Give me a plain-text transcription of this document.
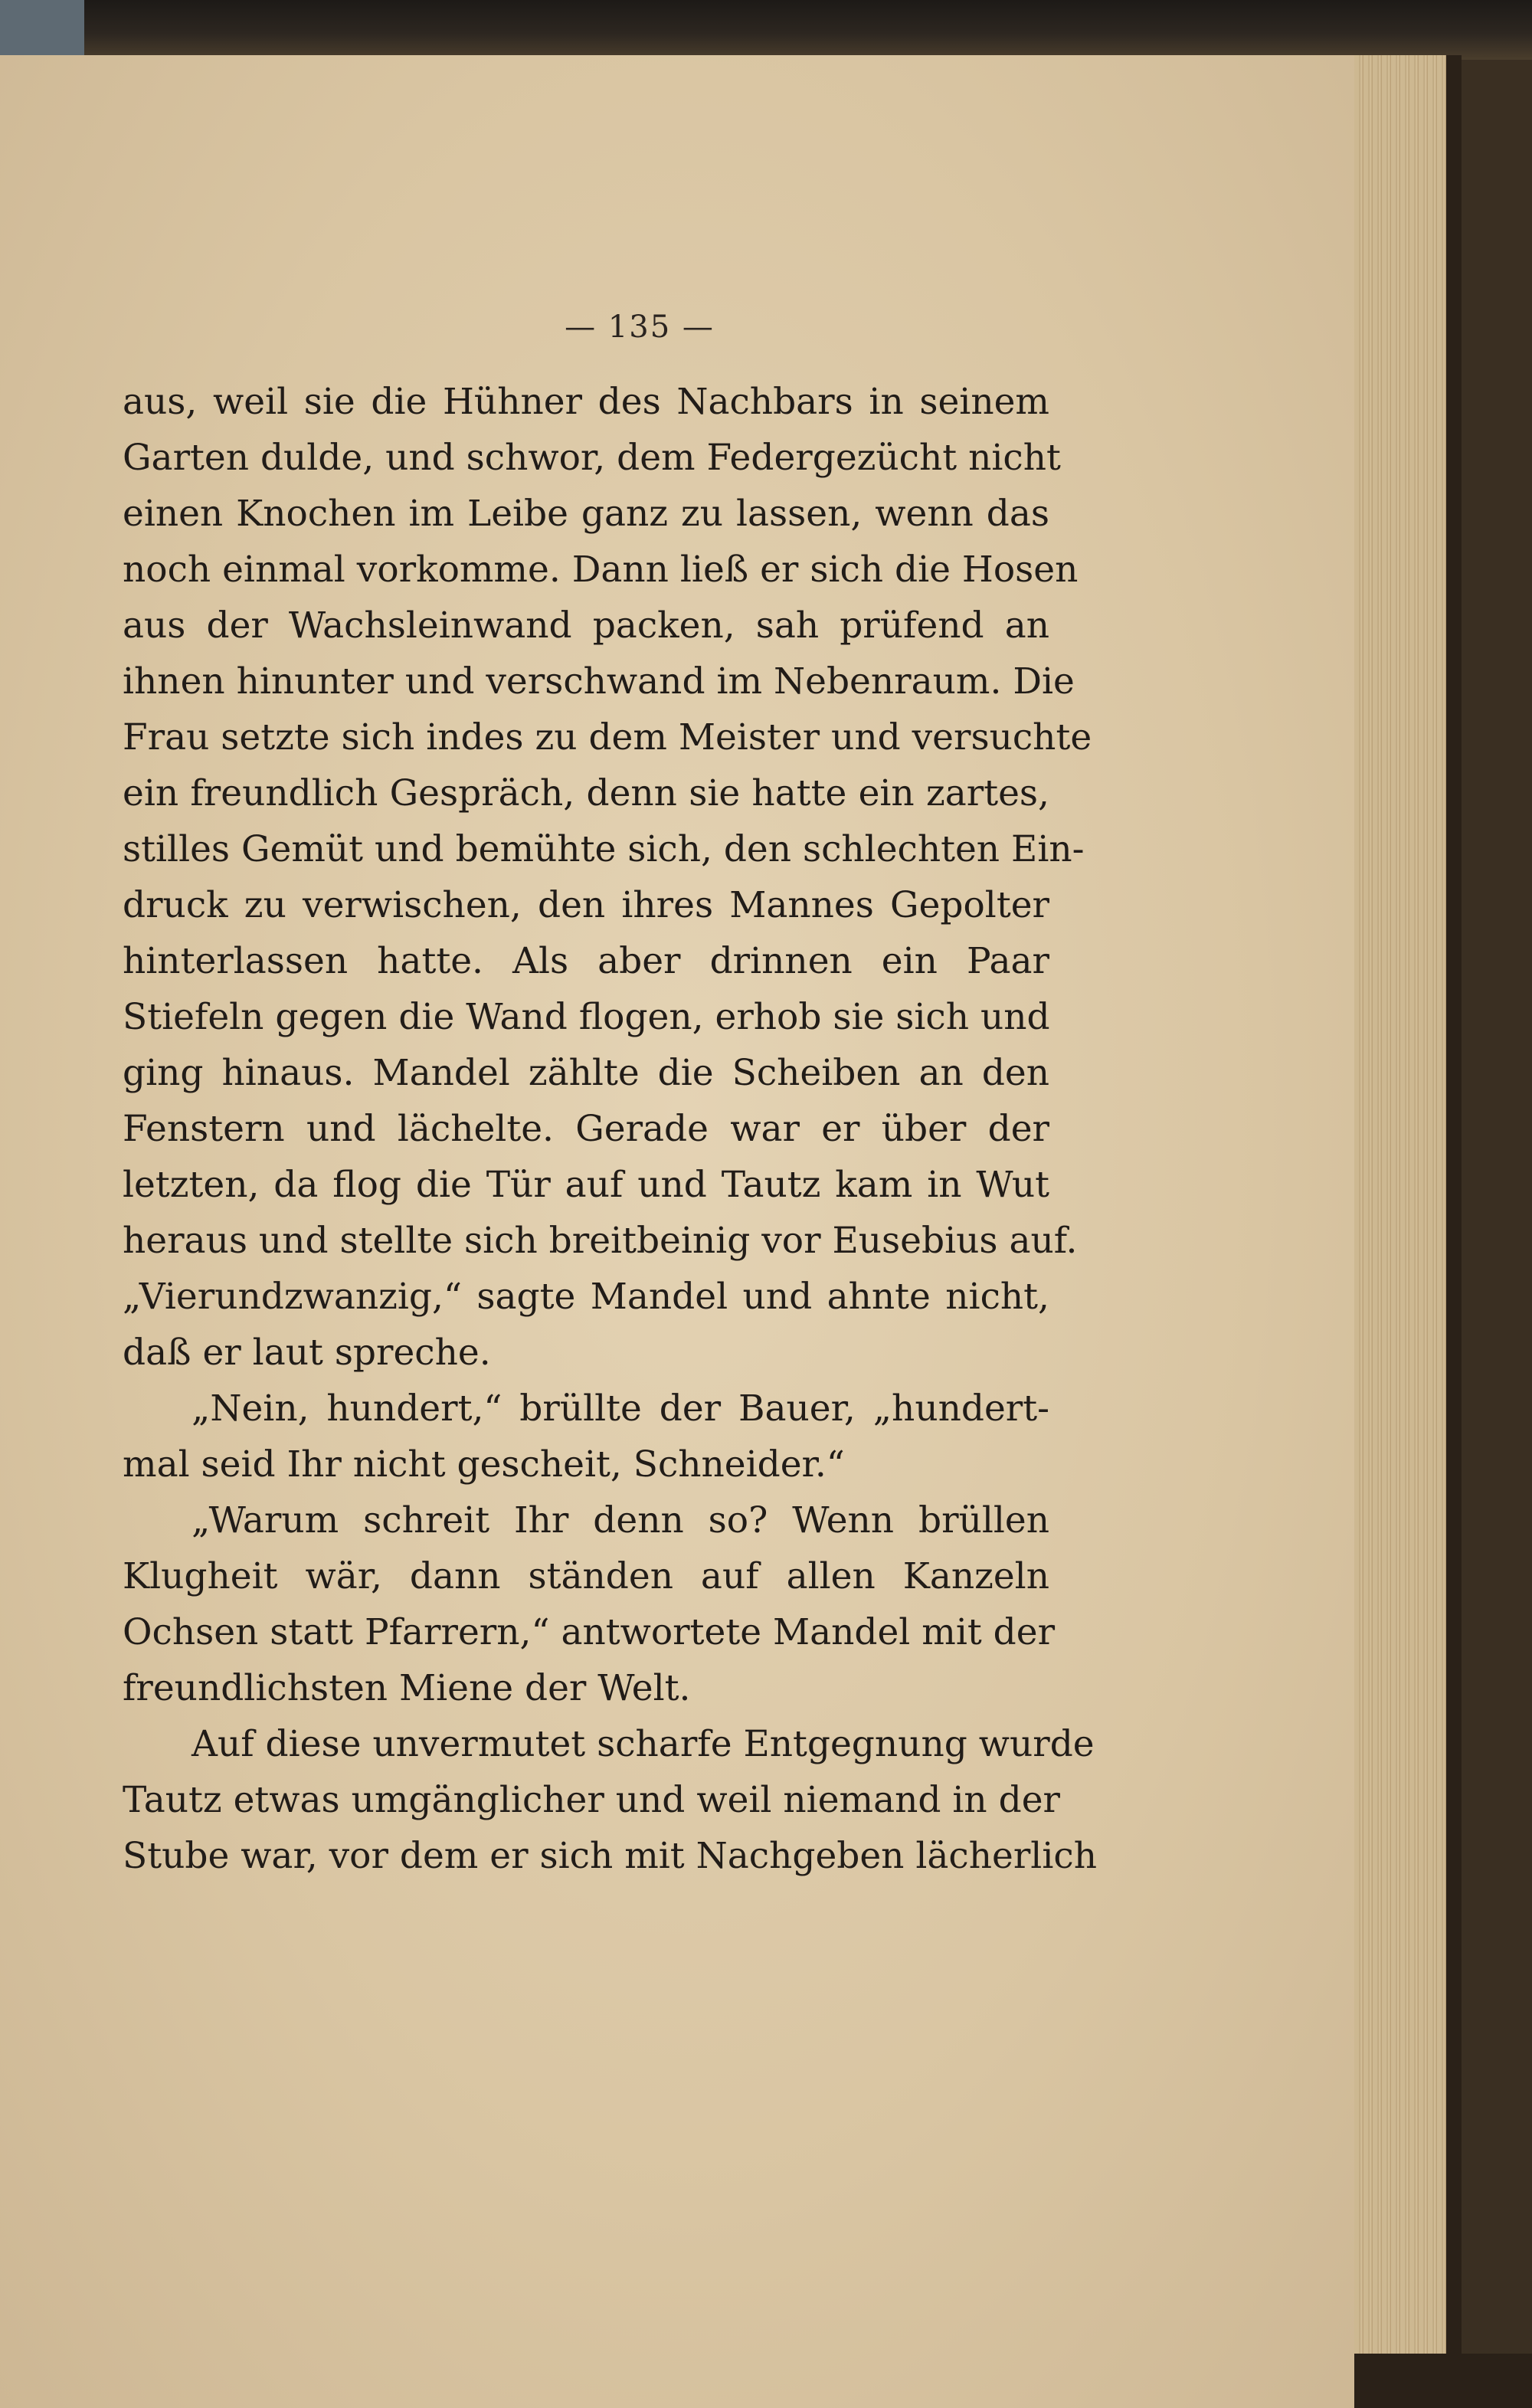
— 135 —
aus, weil sie die Hühner des Nachbars in seinem
Garten dulde, und schwor, dem Federgezücht nicht
einen Knochen im Leibe ganz zu lassen, wenn das
noch einmal vorkomme. Dann ließ er sich die Hosen
aus der Wachsleinwand packen, sah prüfend an
ihnen hinunter und verschwand im Nebenraum. Die
Frau setzte sich indes zu dem Meister und versuchte
ein freundlich Gespräch, denn sie hatte ein zartes,
stilles Gemüt und bemühte sich, den schlechten Ein-
druck zu verwischen, den ihres Mannes Gepolter
hinterlassen hatte. Als aber drinnen ein Paar
Stiefeln gegen die Wand flogen, erhob sie sich und
ging hinaus. Mandel zählte die Scheiben an den
Fenstern und lächelte. Gerade war er über der
letzten, da flog die Tür auf und Tautz kam in Wut
heraus und stellte sich breitbeinig vor Eusebius auf.
„Vierundzwanzig,“ sagte Mandel und ahnte nicht,
daß er laut spreche.
„Nein, hundert,“ brüllte der Bauer, „hundert-
mal seid Ihr nicht gescheit, Schneider.“
„Warum schreit Ihr denn so? Wenn brüllen
Klugheit wär, dann ständen auf allen Kanzeln
Ochsen statt Pfarrern,“ antwortete Mandel mit der
freundlichsten Miene der Welt.
Auf diese unvermutet scharfe Entgegnung wurde
Tautz etwas umgänglicher und weil niemand in der
Stube war, vor dem er sich mit Nachgeben lächerlich
